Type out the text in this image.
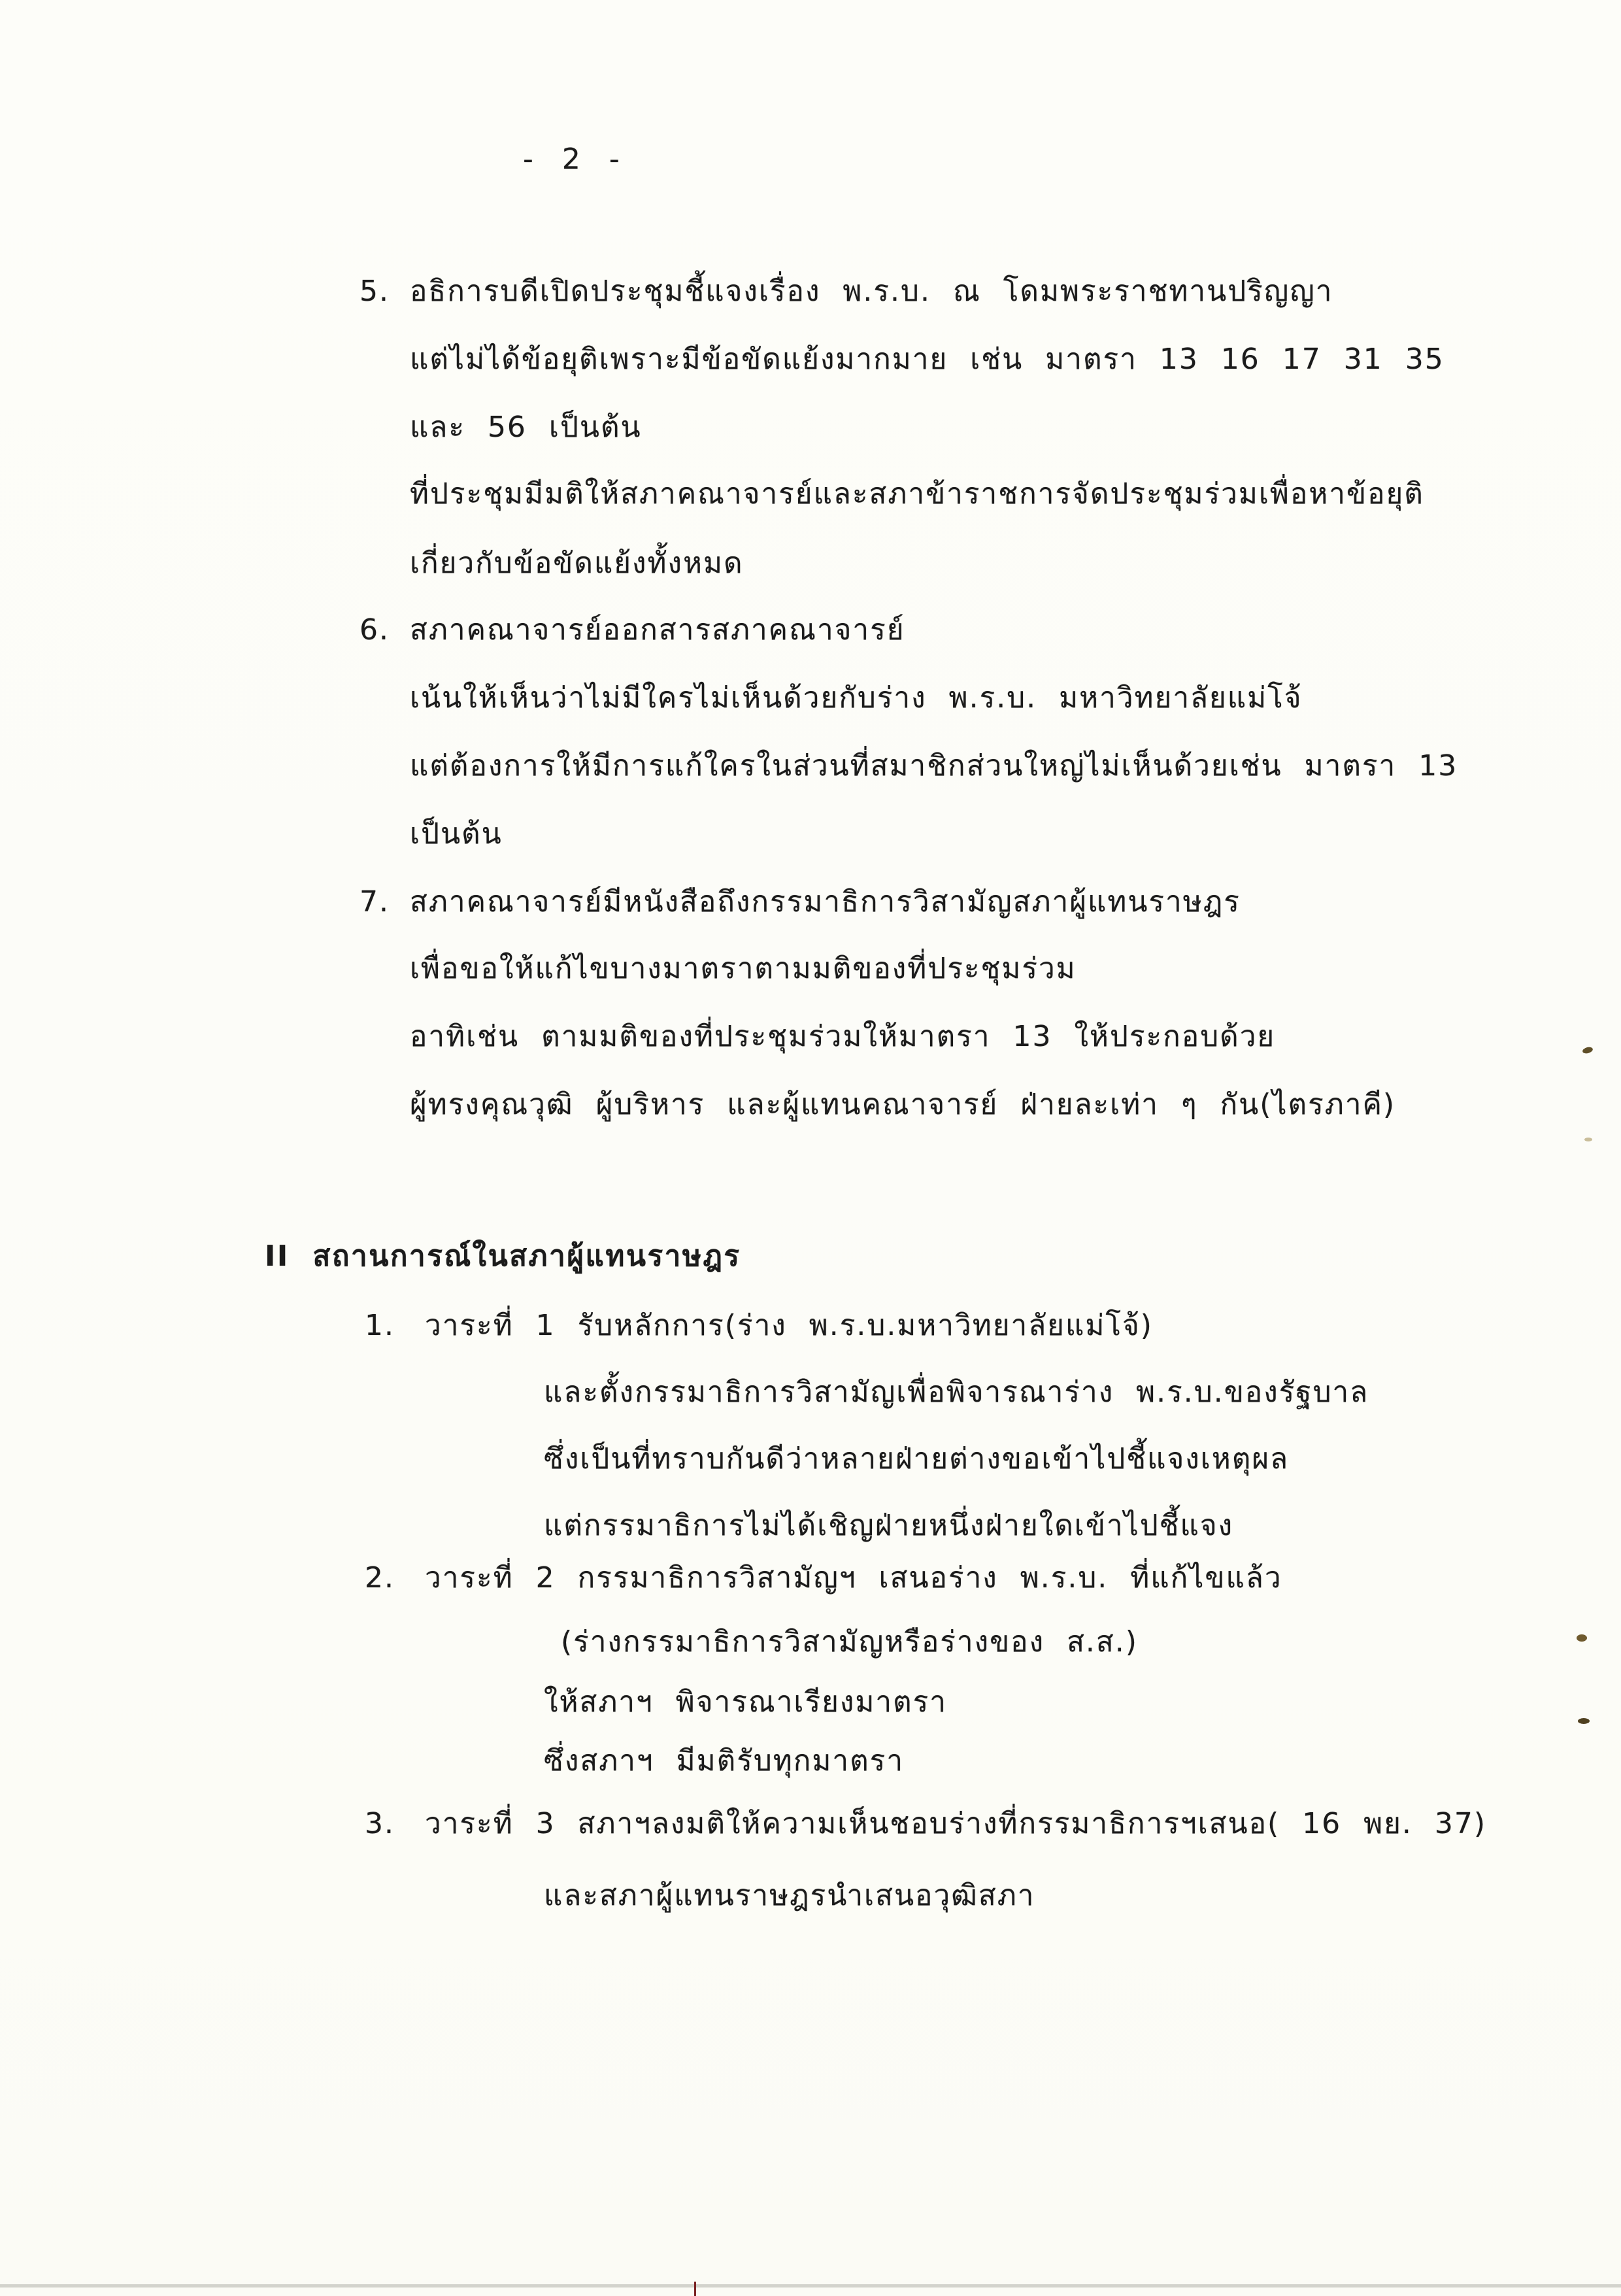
- 2 -
5. อธิการบดีเปิดประชุมชี้แจงเรื่อง พ.ร.บ. ณ โดมพระราชทานปริญญา
แต่ไม่ได้ข้อยุติเพราะมีข้อขัดแย้งมากมาย เช่น มาตรา 13 16 17 31 35
และ 56 เป็นต้น
ที่ประชุมมีมติให้สภาคณาจารย์และสภาข้าราชการจัดประชุมร่วมเพื่อหาข้อยุติ
เกี่ยวกับข้อขัดแย้งทั้งหมด
6. สภาคณาจารย์ออกสารสภาคณาจารย์
เน้นให้เห็นว่าไม่มีใครไม่เห็นด้วยกับร่าง พ.ร.บ. มหาวิทยาลัยแม่โจ้
แต่ต้องการให้มีการแก้ใครในส่วนที่สมาชิกส่วนใหญ่ไม่เห็นด้วยเช่น มาตรา 13
เป็นต้น
7. สภาคณาจารย์มีหนังสือถึงกรรมาธิการวิสามัญสภาผู้แทนราษฎร
เพื่อขอให้แก้ไขบางมาตราตามมติของที่ประชุมร่วม
อาทิเช่น ตามมติของที่ประชุมร่วมให้มาตรา 13 ให้ประกอบด้วย
ผู้ทรงคุณวุฒิ ผู้บริหาร และผู้แทนคณาจารย์ ฝ่ายละเท่า ๆ กัน(ไตรภาคี)
II สถานการณ์ในสภาผู้แทนราษฎร
1. วาระที่ 1 รับหลักการ(ร่าง พ.ร.บ.มหาวิทยาลัยแม่โจ้)
และตั้งกรรมาธิการวิสามัญเพื่อพิจารณาร่าง พ.ร.บ.ของรัฐบาล
ซึ่งเป็นที่ทราบกันดีว่าหลายฝ่ายต่างขอเข้าไปชี้แจงเหตุผล
แต่กรรมาธิการไม่ได้เชิญฝ่ายหนึ่งฝ่ายใดเข้าไปชี้แจง
2. วาระที่ 2 กรรมาธิการวิสามัญฯ เสนอร่าง พ.ร.บ. ที่แก้ไขแล้ว
(ร่างกรรมาธิการวิสามัญหรือร่างของ ส.ส.)
ให้สภาฯ พิจารณาเรียงมาตรา
ซึ่งสภาฯ มีมติรับทุกมาตรา
3. วาระที่ 3 สภาฯลงมติให้ความเห็นชอบร่างที่กรรมาธิการฯเสนอ( 16 พย. 37)
และสภาผู้แทนราษฎรนำเสนอวุฒิสภา
